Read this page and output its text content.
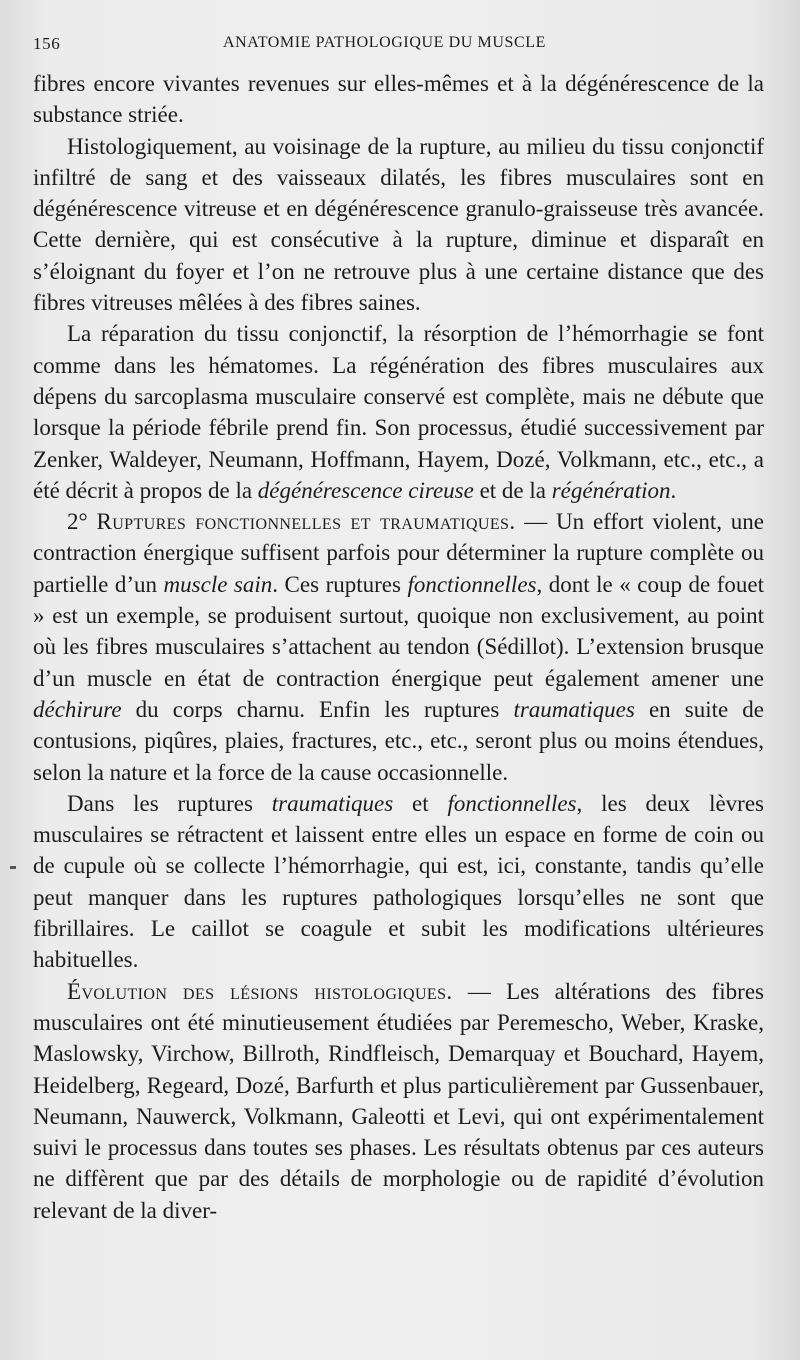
156	ANATOMIE PATHOLOGIQUE DU MUSCLE

fibres encore vivantes revenues sur elles-mêmes et à la dégénérescence de la substance striée.

Histologiquement, au voisinage de la rupture, au milieu du tissu conjonctif infiltré de sang et des vaisseaux dilatés, les fibres musculaires sont en dégénérescence vitreuse et en dégénérescence granulo-graisseuse très avancée. Cette dernière, qui est consécutive à la rupture, diminue et disparaît en s’éloignant du foyer et l’on ne retrouve plus à une certaine distance que des fibres vitreuses mêlées à des fibres saines.

La réparation du tissu conjonctif, la résorption de l’hémorrhagie se font comme dans les hématomes. La régénération des fibres musculaires aux dépens du sarcoplasma musculaire conservé est complète, mais ne débute que lorsque la période fébrile prend fin. Son processus, étudié successivement par Zenker, Waldeyer, Neumann, Hoffmann, Hayem, Dozé, Volkmann, etc., etc., a été décrit à propos de la dégénérescence cireuse et de la régénération.

2° Ruptures fonctionnelles et traumatiques. — Un effort violent, une contraction énergique suffisent parfois pour déterminer la rupture complète ou partielle d’un muscle sain. Ces ruptures fonctionnelles, dont le « coup de fouet » est un exemple, se produisent surtout, quoique non exclusivement, au point où les fibres musculaires s’attachent au tendon (Sédillot). L’extension brusque d’un muscle en état de contraction énergique peut également amener une déchirure du corps charnu. Enfin les ruptures traumatiques en suite de contusions, piqûres, plaies, fractures, etc., etc., seront plus ou moins étendues, selon la nature et la force de la cause occasionnelle.

Dans les ruptures traumatiques et fonctionnelles, les deux lèvres musculaires se rétractent et laissent entre elles un espace en forme de coin ou de cupule où se collecte l’hémorrhagie, qui est, ici, constante, tandis qu’elle peut manquer dans les ruptures pathologiques lorsqu’elles ne sont que fibrillaires. Le caillot se coagule et subit les modifications ultérieures habituelles.

Évolution des lésions histologiques. — Les altérations des fibres musculaires ont été minutieusement étudiées par Peremescho, Weber, Kraske, Maslowsky, Virchow, Billroth, Rindfleisch, Demarquay et Bouchard, Hayem, Heidelberg, Regeard, Dozé, Barfurth et plus particulièrement par Gussenbauer, Neumann, Nauwerck, Volkmann, Galeotti et Levi, qui ont expérimentalement suivi le processus dans toutes ses phases. Les résultats obtenus par ces auteurs ne diffèrent que par des détails de morphologie ou de rapidité d’évolution relevant de la diver-
